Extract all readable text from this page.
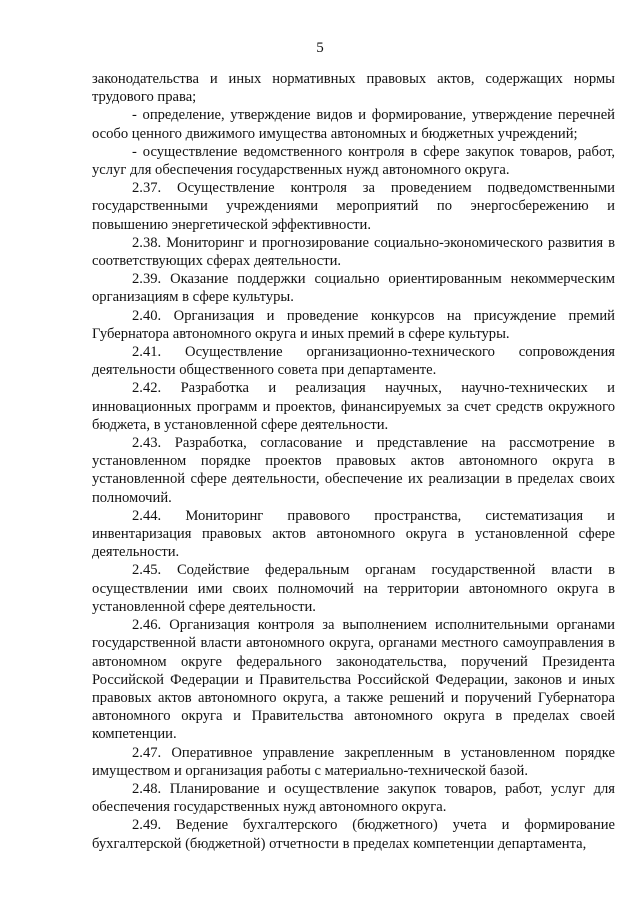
5

законодательства и иных нормативных правовых актов, содержащих нормы трудового права;

- определение, утверждение видов и формирование, утверждение перечней особо ценного движимого имущества автономных и бюджетных учреждений;

- осуществление ведомственного контроля в сфере закупок товаров, работ, услуг для обеспечения государственных нужд автономного округа.

2.37. Осуществление контроля за проведением подведомственными государственными учреждениями мероприятий по энергосбережению и повышению энергетической эффективности.

2.38. Мониторинг и прогнозирование социально-экономического развития в соответствующих сферах деятельности.

2.39. Оказание поддержки социально ориентированным некоммерческим организациям в сфере культуры.

2.40. Организация и проведение конкурсов на присуждение премий Губернатора автономного округа и иных премий в сфере культуры.

2.41. Осуществление организационно-технического сопровождения деятельности общественного совета при департаменте.

2.42. Разработка и реализация научных, научно-технических и инновационных программ и проектов, финансируемых за счет средств окружного бюджета, в установленной сфере деятельности.

2.43. Разработка, согласование и представление на рассмотрение в установленном порядке проектов правовых актов автономного округа в установленной сфере деятельности, обеспечение их реализации в пределах своих полномочий.

2.44. Мониторинг правового пространства, систематизация и инвентаризация правовых актов автономного округа в установленной сфере деятельности.

2.45. Содействие федеральным органам государственной власти в осуществлении ими своих полномочий на территории автономного округа в установленной сфере деятельности.

2.46. Организация контроля за выполнением исполнительными органами государственной власти автономного округа, органами местного самоуправления в автономном округе федерального законодательства, поручений Президента Российской Федерации и Правительства Российской Федерации, законов и иных правовых актов автономного округа, а также решений и поручений Губернатора автономного округа и Правительства автономного округа в пределах своей компетенции.

2.47. Оперативное управление закрепленным в установленном порядке имуществом и организация работы с материально-технической базой.

2.48. Планирование и осуществление закупок товаров, работ, услуг для обеспечения государственных нужд автономного округа.

2.49. Ведение бухгалтерского (бюджетного) учета и формирование бухгалтерской (бюджетной) отчетности в пределах компетенции департамента,
